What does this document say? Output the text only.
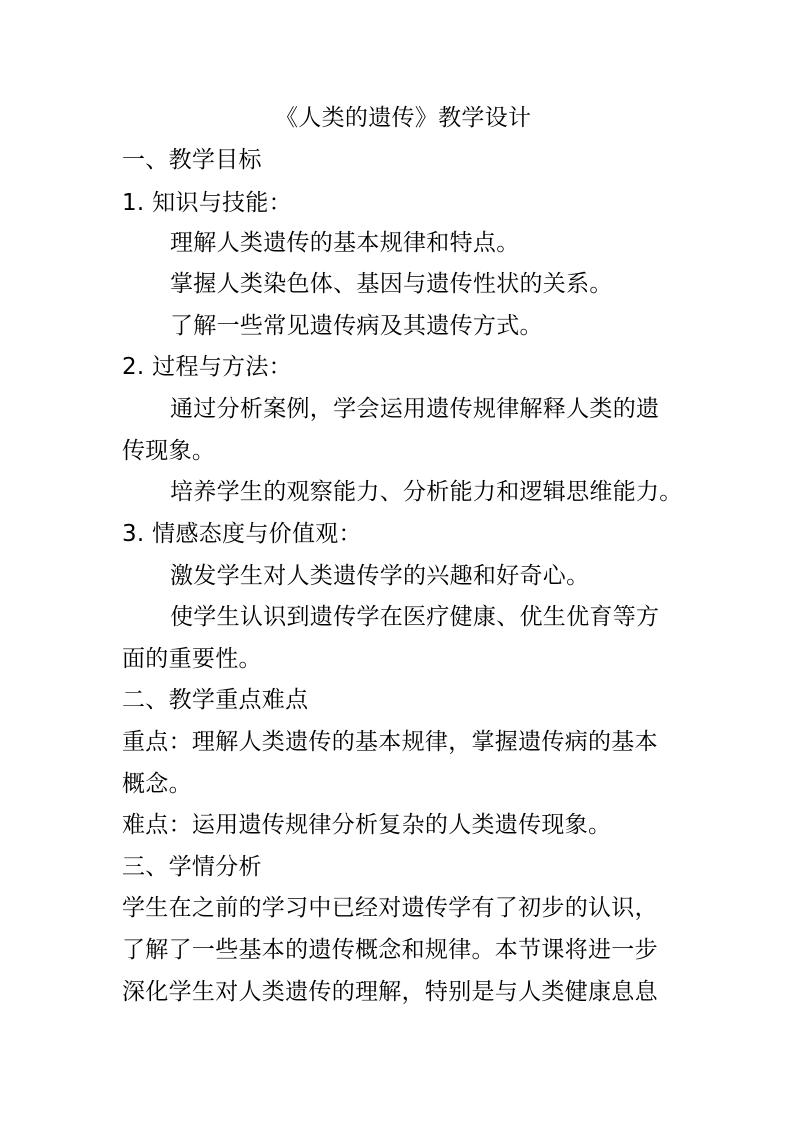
《人类的遗传》教学设计
一、教学目标
1. 知识与技能：
理解人类遗传的基本规律和特点。
掌握人类染色体、基因与遗传性状的关系。
了解一些常见遗传病及其遗传方式。
2. 过程与方法：
通过分析案例，学会运用遗传规律解释人类的遗
传现象。
培养学生的观察能力、分析能力和逻辑思维能力。
3. 情感态度与价值观：
激发学生对人类遗传学的兴趣和好奇心。
使学生认识到遗传学在医疗健康、优生优育等方
面的重要性。
二、教学重点难点
重点：理解人类遗传的基本规律，掌握遗传病的基本
概念。
难点：运用遗传规律分析复杂的人类遗传现象。
三、学情分析
学生在之前的学习中已经对遗传学有了初步的认识，
了解了一些基本的遗传概念和规律。本节课将进一步
深化学生对人类遗传的理解，特别是与人类健康息息
